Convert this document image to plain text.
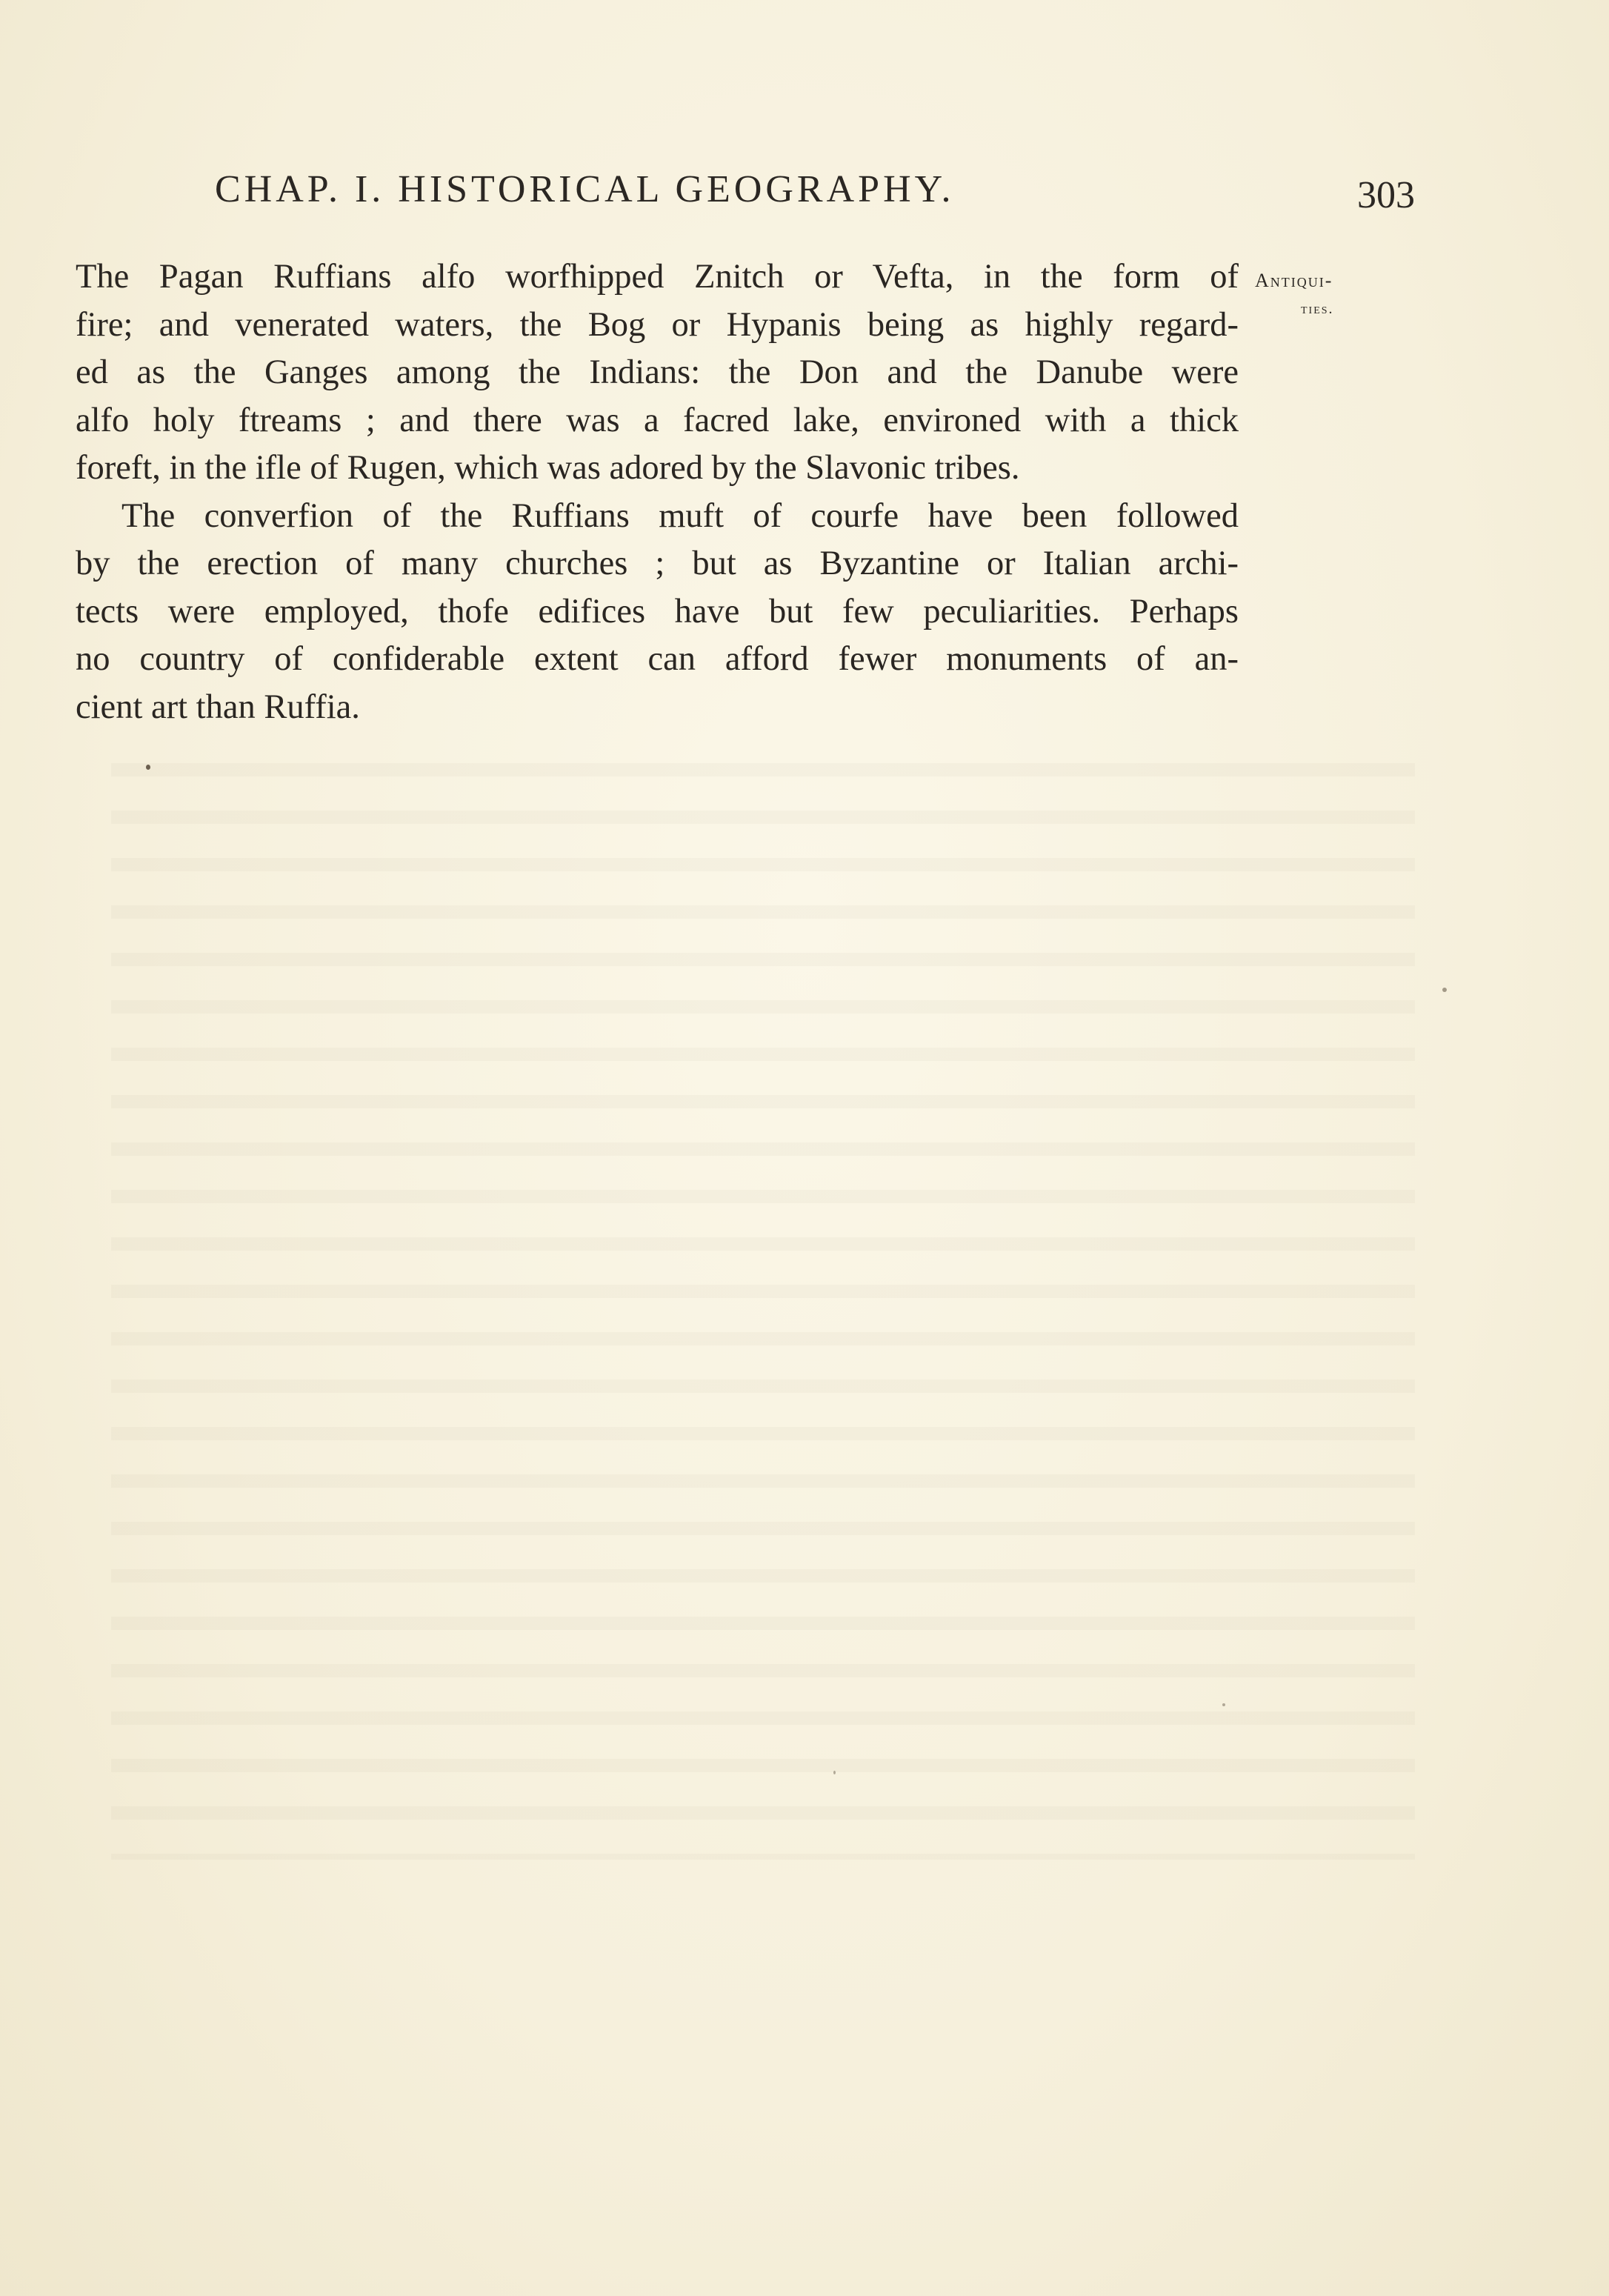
CHAP. I. HISTORICAL GEOGRAPHY.	303
Antiqui-
ties.
The Pagan Ruffians alfo worfhipped Znitch or Vefta, in the form of
fire; and venerated waters, the Bog or Hypanis being as highly regard-
ed as the Ganges among the Indians: the Don and the Danube were
alfo holy ftreams ; and there was a facred lake, environed with a thick
foreft, in the ifle of Rugen, which was adored by the Slavonic tribes.
The converfion of the Ruffians muft of courfe have been followed
by the erection of many churches ; but as Byzantine or Italian archi-
tects were employed, thofe edifices have but few peculiarities. Perhaps
no country of confiderable extent can afford fewer monuments of an-
cient art than Ruffia.
